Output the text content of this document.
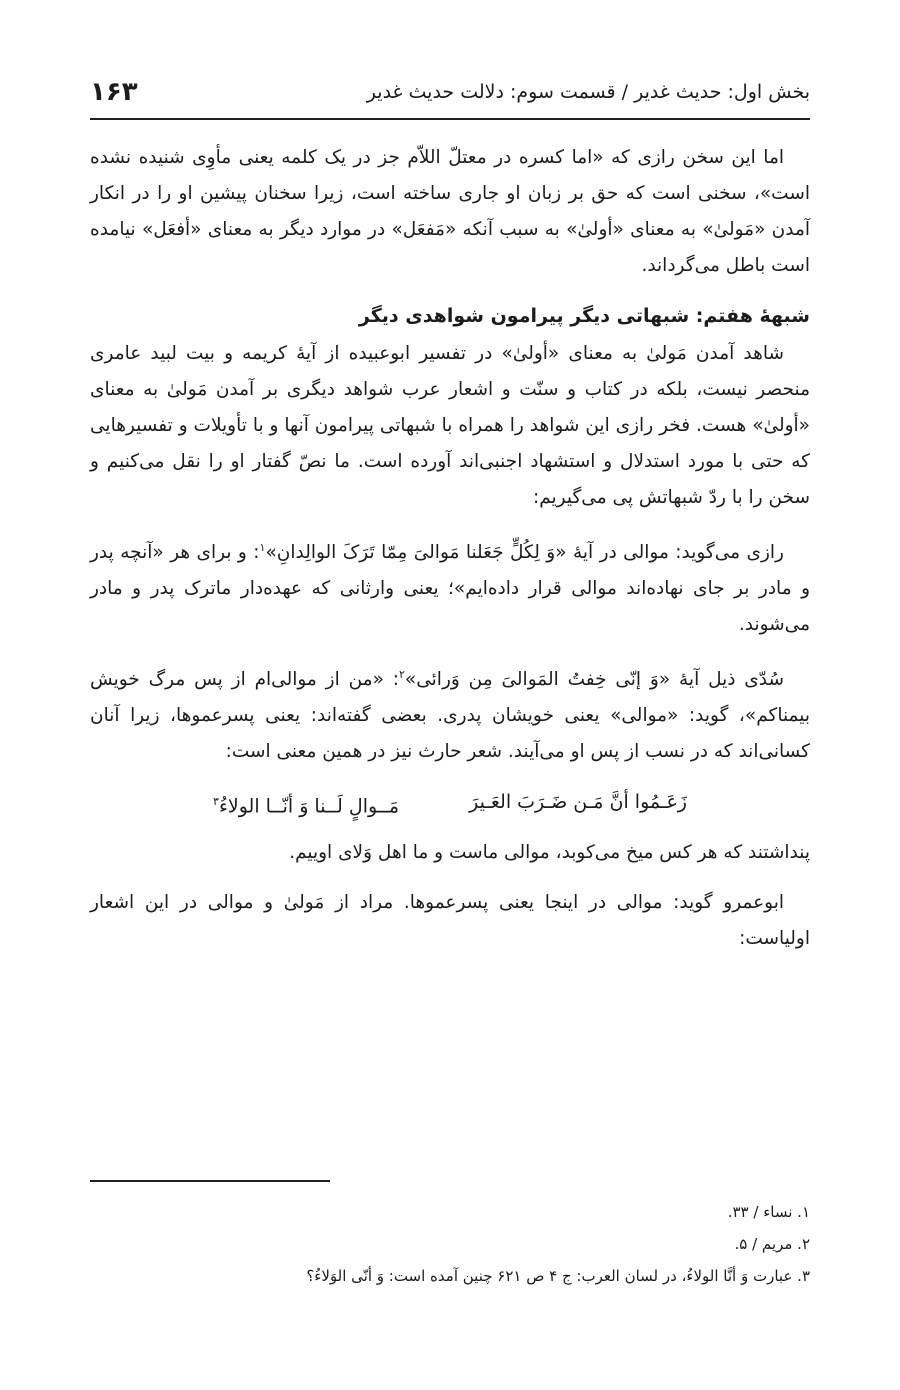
بخش اول: حدیث غدیر / قسمت سوم: دلالت حدیث غدیر
۱۶۳

اما این سخن رازی که «اما کسره در معتلّ اللاّم جز در یک کلمه یعنی مأوِی شنیده نشده است»، سخنی است که حق بر زبان او جاری ساخته است، زیرا سخنان پیشین او را در انکار آمدن «مَولیٰ» به معنای «أولیٰ» به سبب آنکه «مَفعَل» در موارد دیگر به معنای «أفعَل» نیامده است باطل می‌گرداند.

شبههٔ هفتم: شبهاتی دیگر پیرامون شواهدی دیگر

شاهد آمدن مَولیٰ به معنای «أولیٰ» در تفسیر ابوعبیده از آیهٔ کریمه و بیت لبید عامری منحصر نیست، بلکه در کتاب و سنّت و اشعار عرب شواهد دیگری بر آمدن مَولیٰ به معنای «أولیٰ» هست. فخر رازی این شواهد را همراه با شبهاتی پیرامون آنها و با تأویلات و تفسیرهایی که حتی با مورد استدلال و استشهاد اجنبی‌اند آورده است. ما نصّ گفتار او را نقل می‌کنیم و سخن را با ردّ شبهاتش پی می‌گیریم:

رازی می‌گوید: موالی در آیهٔ «وَ لِکُلٍّ جَعَلنا مَوالیَ مِمّا تَرَکَ الوالِدانِ»$^۱$: و برای هر «آنچه پدر و مادر بر جای نهاده‌اند موالی قرار داده‌ایم»؛ یعنی وارثانی که عهده‌دار ماترک پدر و مادر می‌شوند.

سُدّی ذیل آیهٔ «وَ إنّی خِفتُ المَوالیَ مِن وَرائی»$^۲$: «من از موالی‌ام از پس مرگ خویش بیمناکم»، گوید: «موالی» یعنی خویشان پدری. بعضی گفته‌اند: یعنی پسرعموها، زیرا آنان کسانی‌اند که در نسب از پس او می‌آیند. شعر حارث نیز در همین معنی است:

زَعَـمُوا أنَّ مَـن ضَـرَبَ العَـیرَ
مَــوالٍ لَــنا وَ أنّــا الولاءُ$^۳$

پنداشتند که هر کس میخ می‌کوبد، موالی ماست و ما اهل وَلای اوییم.

ابوعمرو گوید: موالی در اینجا یعنی پسرعموها. مراد از مَولیٰ و موالی در این اشعار اولیاست:

۱. نساء / ۳۳.
۲. مریم / ۵.
۳. عبارت وَ أنَّا الولاءُ، در لسان العرب: ج ۴ ص ۶۲۱ چنین آمده است: وَ أنّی الوَلاءُ؟
